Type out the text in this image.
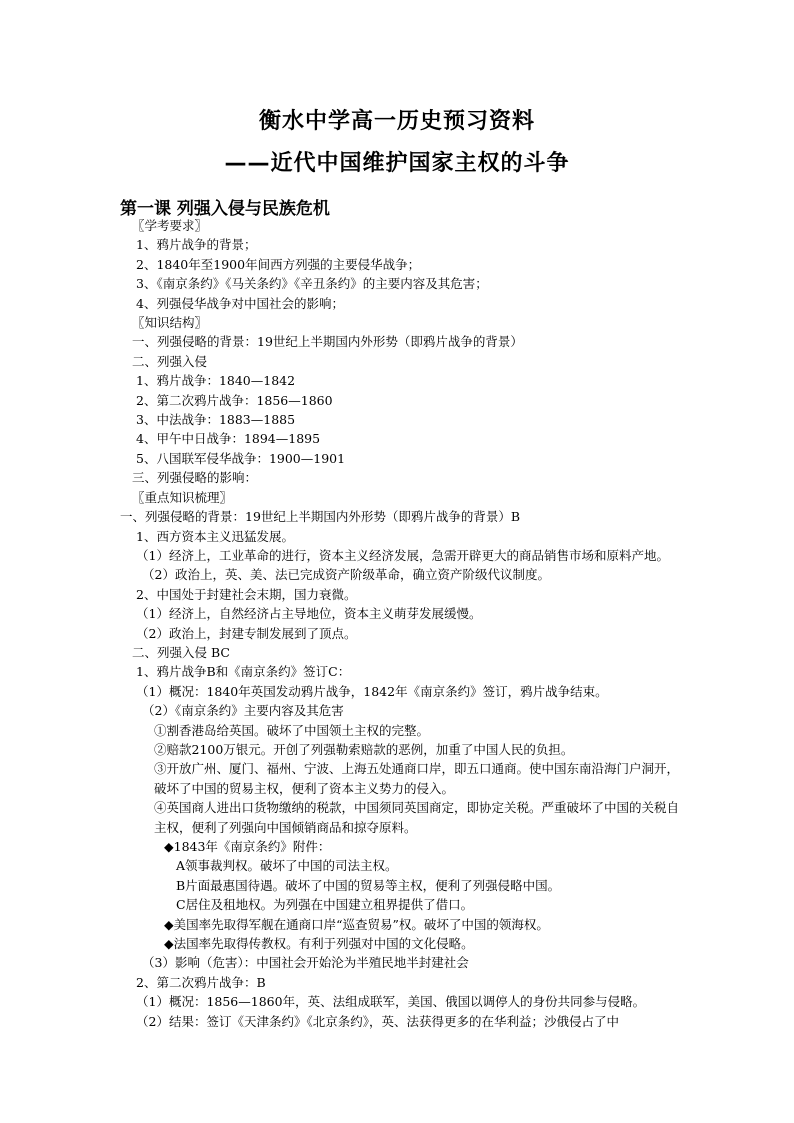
衡水中学高一历史预习资料
——近代中国维护国家主权的斗争
第一课 列强入侵与民族危机
〖学考要求〗
1、鸦片战争的背景；
2、1840年至1900年间西方列强的主要侵华战争；
3、《南京条约》《马关条约》《辛丑条约》的主要内容及其危害；
4、列强侵华战争对中国社会的影响；
〖知识结构〗
一、列强侵略的背景：19世纪上半期国内外形势（即鸦片战争的背景）
二、列强入侵
1、鸦片战争：1840—1842
2、第二次鸦片战争：1856—1860
3、中法战争：1883—1885
4、甲午中日战争：1894—1895
5、八国联军侵华战争：1900—1901
三、列强侵略的影响：
〖重点知识梳理〗
一、列强侵略的背景：19世纪上半期国内外形势（即鸦片战争的背景）B
1、西方资本主义迅猛发展。
（1）经济上，工业革命的进行，资本主义经济发展，急需开辟更大的商品销售市场和原料产地。
（2）政治上，英、美、法已完成资产阶级革命，确立资产阶级代议制度。
2、中国处于封建社会末期，国力衰微。
（1）经济上，自然经济占主导地位，资本主义萌芽发展缓慢。
（2）政治上，封建专制发展到了顶点。
二、列强入侵 BC
1、鸦片战争B和《南京条约》签订C：
（1）概况：1840年英国发动鸦片战争，1842年《南京条约》签订，鸦片战争结束。
（2）《南京条约》主要内容及其危害
①割香港岛给英国。破坏了中国领土主权的完整。
②赔款2100万银元。开创了列强勒索赔款的恶例，加重了中国人民的负担。
③开放广州、厦门、福州、宁波、上海五处通商口岸，即五口通商。使中国东南沿海门户洞开，破坏了中国的贸易主权，便利了资本主义势力的侵入。
④英国商人进出口货物缴纳的税款，中国须同英国商定，即协定关税。严重破坏了中国的关税自主权，便利了列强向中国倾销商品和掠夺原料。
◆1843年《南京条约》附件：
A领事裁判权。破坏了中国的司法主权。
B片面最惠国待遇。破坏了中国的贸易等主权，便利了列强侵略中国。
C居住及租地权。为列强在中国建立租界提供了借口。
◆美国率先取得军舰在通商口岸“巡查贸易”权。破坏了中国的领海权。
◆法国率先取得传教权。有利于列强对中国的文化侵略。
（3）影响（危害）：中国社会开始沦为半殖民地半封建社会
2、第二次鸦片战争：B
（1）概况：1856—1860年，英、法组成联军，美国、俄国以调停人的身份共同参与侵略。
（2）结果：签订《天津条约》《北京条约》，英、法获得更多的在华利益；沙俄侵占了中
